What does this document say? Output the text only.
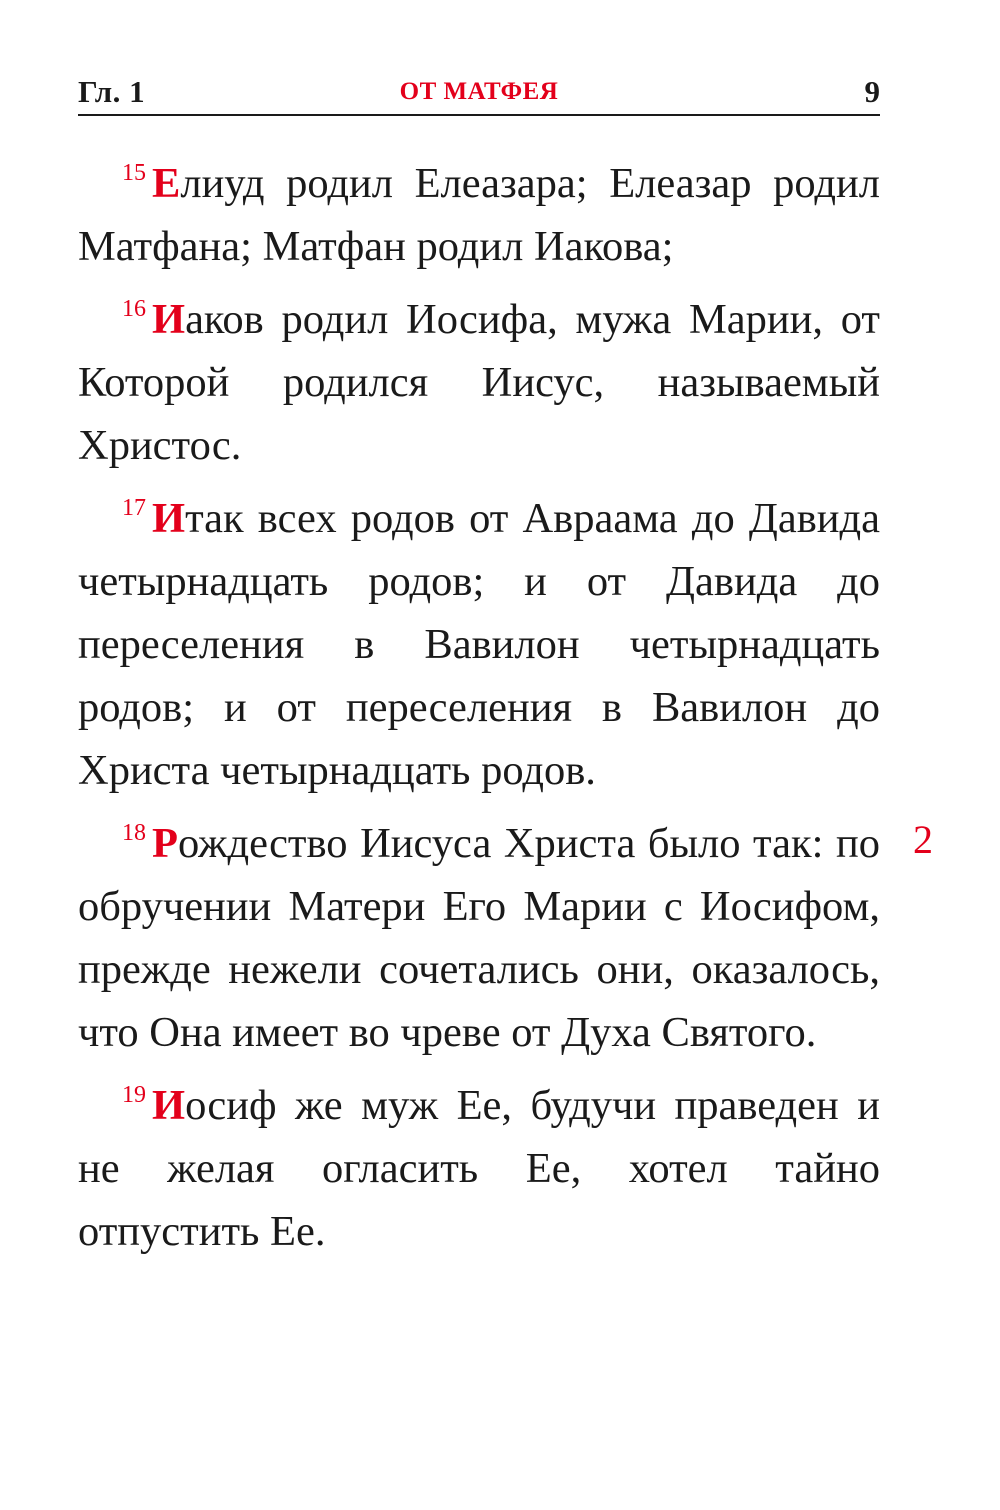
Гл. 1	ОТ МАТФЕЯ	9

$^{15}$ Елиуд родил Елеазара; Елеазар родил Матфана; Матфан родил Иакова;

$^{16}$ Иаков родил Иосифа, мужа Марии, от Которой родился Иисус, называемый Христос.

$^{17}$ Итак всех родов от Авраама до Давида четырнадцать родов; и от Давида до переселения в Вавилон четырнадцать родов; и от переселения в Вавилон до Христа четырнадцать родов.

$^{18}$ Рождество Иисуса Христа было так: по обручении Матери Его Марии с Иосифом, прежде нежели сочетались они, оказалось, что Она имеет во чреве от Духа Святого.

$^{19}$ Иосиф же муж Ее, будучи праведен и не желая огласить Ее, хотел тайно отпустить Ее.

2
